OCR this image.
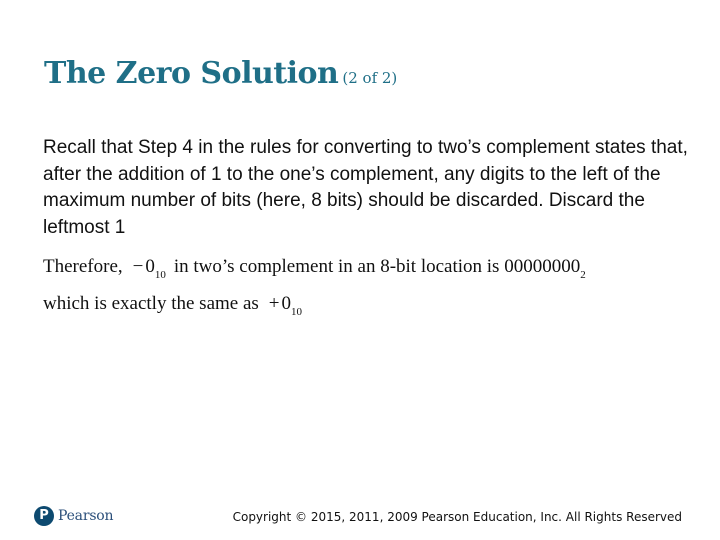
The Zero Solution (2 of 2)

Recall that Step 4 in the rules for converting to two’s complement states that, after the addition of 1 to the one’s complement, any digits to the left of the maximum number of bits (here, 8 bits) should be discarded. Discard the leftmost 1

Therefore, − $0_{10}$ in two’s complement in an 8-bit location is $00000000_2$

which is exactly the same as + $0_{10}$

P Pearson	Copyright © 2015, 2011, 2009 Pearson Education, Inc. All Rights Reserved
